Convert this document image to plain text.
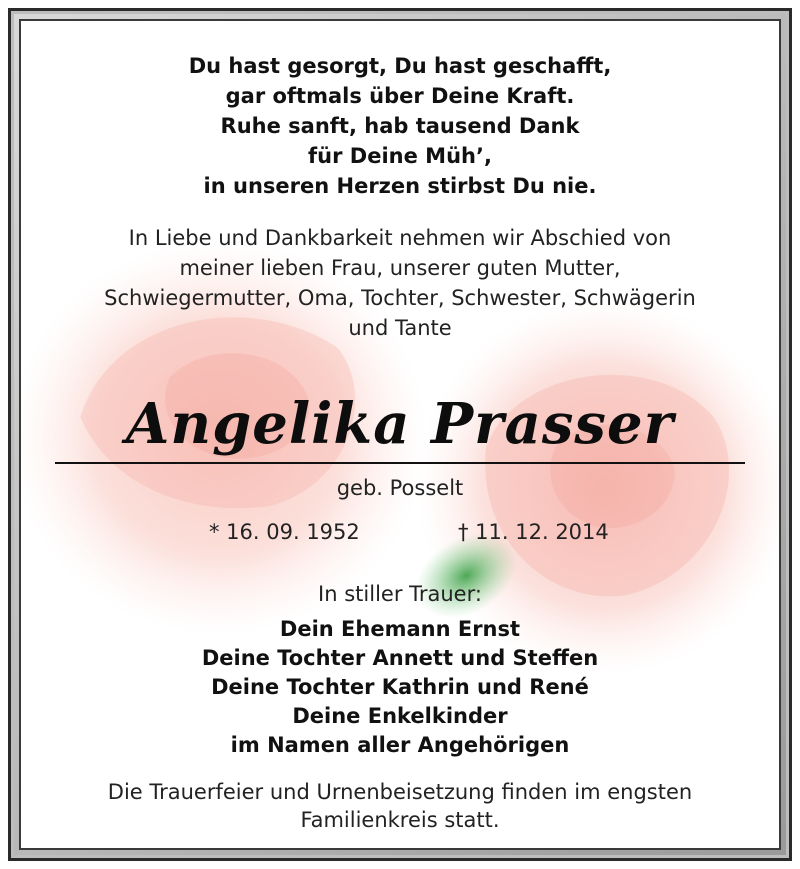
Du hast gesorgt, Du hast geschafft,
gar oftmals über Deine Kraft.
Ruhe sanft, hab tausend Dank
für Deine Müh’,
in unseren Herzen stirbst Du nie.
In Liebe und Dankbarkeit nehmen wir Abschied von
meiner lieben Frau, unserer guten Mutter,
Schwiegermutter, Oma, Tochter, Schwester, Schwägerin
und Tante
Angelika Prasser
geb. Posselt
* 16. 09. 1952	† 11. 12. 2014
In stiller Trauer:
Dein Ehemann Ernst
Deine Tochter Annett und Steffen
Deine Tochter Kathrin und René
Deine Enkelkinder
im Namen aller Angehörigen
Die Trauerfeier und Urnenbeisetzung finden im engsten
Familienkreis statt.
